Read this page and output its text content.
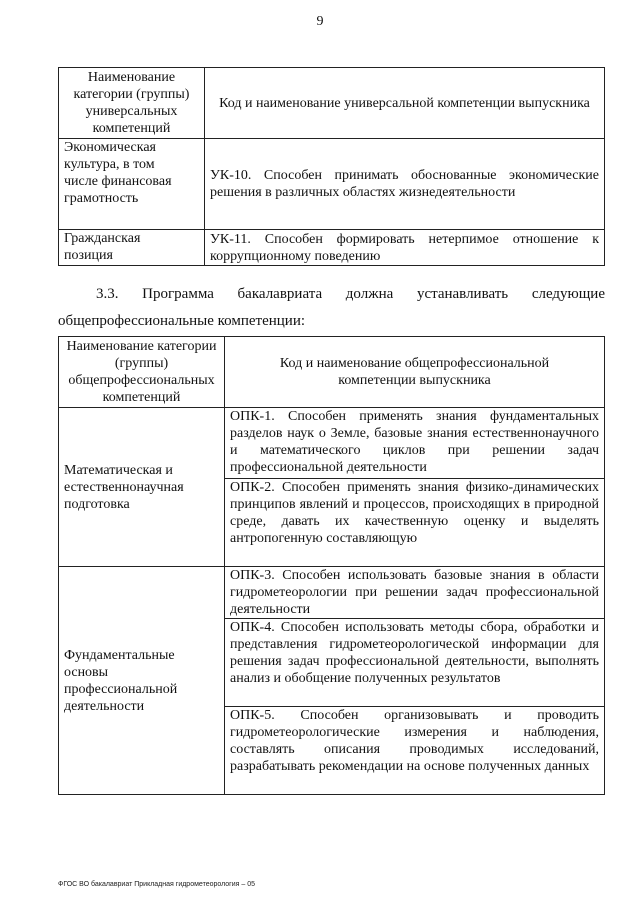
9
Наименование категории (группы) универсальных компетенций	Код и наименование универсальной компетенции выпускника
Экономическая культура, в том числе финансовая грамотность	УК-10. Способен принимать обоснованные экономические решения в различных областях жизнедеятельности
Гражданская позиция	УК-11. Способен формировать нетерпимое отношение к коррупционному поведению

3.3. Программа бакалавриата должна устанавливать следующие

общепрофессиональные компетенции:

Наименование категории (группы) общепрофессиональных компетенций	Код и наименование общепрофессиональной компетенции выпускника
Математическая и естественнонаучная подготовка	ОПК-1. Способен применять знания фундаментальных разделов наук о Земле, базовые знания естественнонаучного и математического циклов при решении задач профессиональной деятельности
	ОПК-2. Способен применять знания физико-динамических принципов явлений и процессов, происходящих в природной среде, давать их качественную оценку и выделять антропогенную составляющую
Фундаментальные основы профессиональной деятельности	ОПК-3. Способен использовать базовые знания в области гидрометеорологии при решении задач профессиональной деятельности
	ОПК-4. Способен использовать методы сбора, обработки и представления гидрометеорологической информации для решения задач профессиональной деятельности, выполнять анализ и обобщение полученных результатов
	ОПК-5. Способен организовывать и проводить гидрометеорологические измерения и наблюдения, составлять описания проводимых исследований, разрабатывать рекомендации на основе полученных данных
ФГОС ВО бакалавриат Прикладная гидрометеорология – 05
